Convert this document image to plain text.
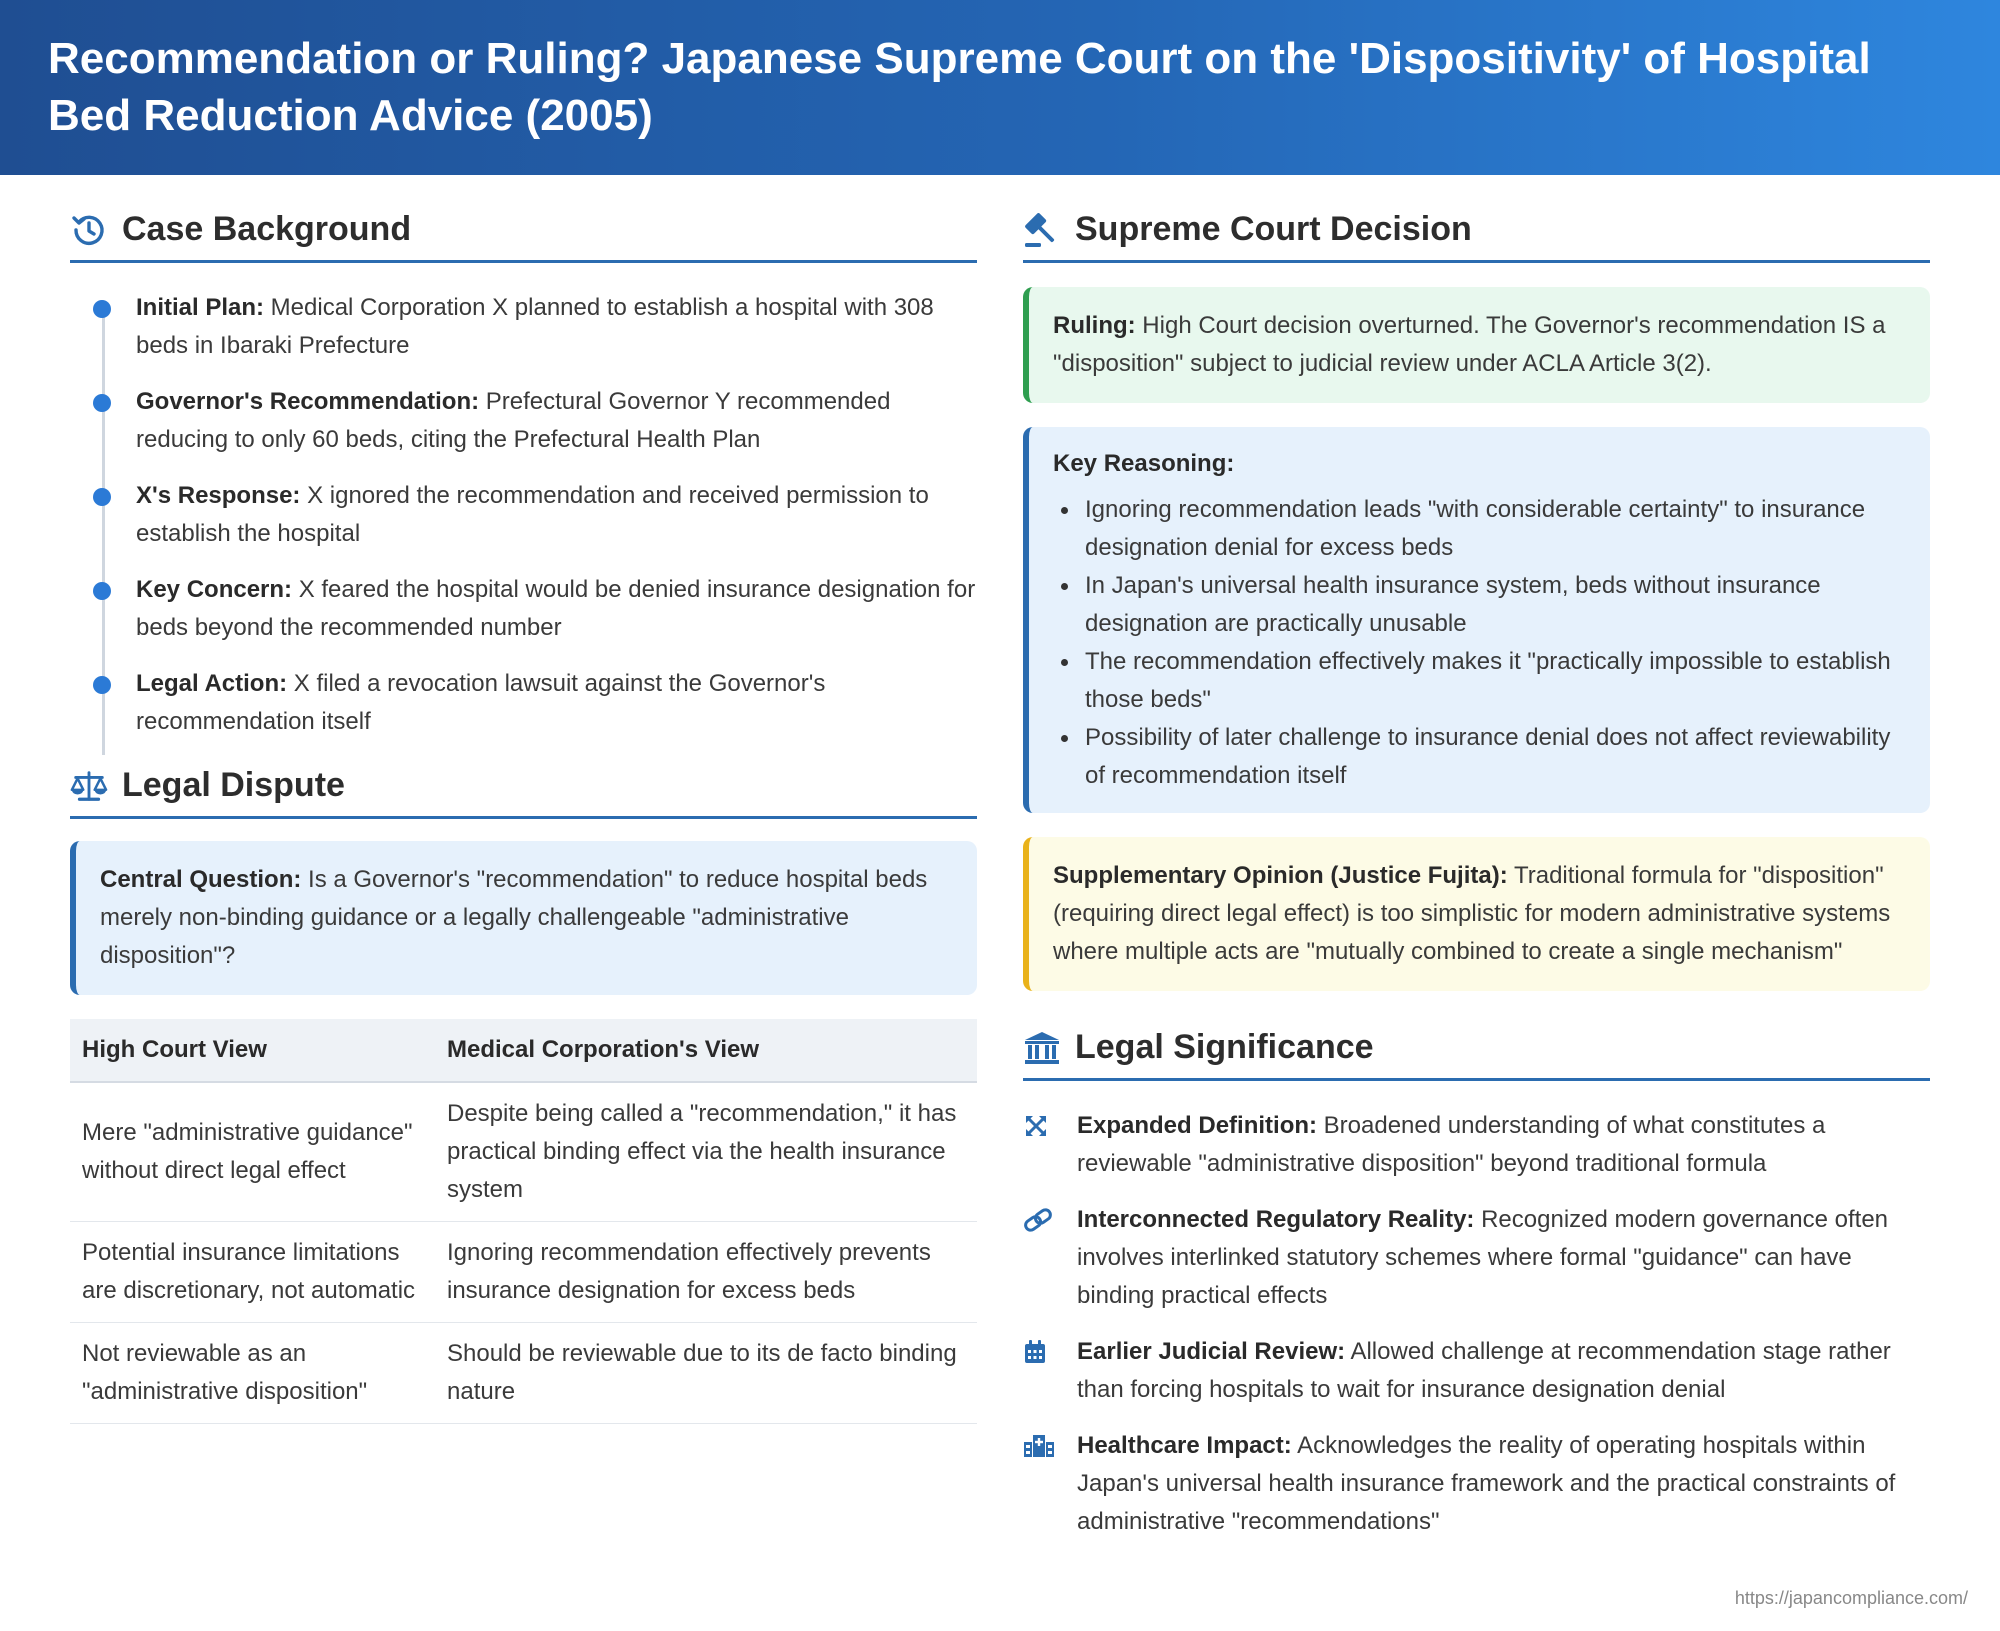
Recommendation or Ruling? Japanese Supreme Court on the 'Dispositivity' of Hospital Bed Reduction Advice (2005)
Case Background
Initial Plan: Medical Corporation X planned to establish a hospital with 308 beds in Ibaraki Prefecture
Governor's Recommendation: Prefectural Governor Y recommended reducing to only 60 beds, citing the Prefectural Health Plan
X's Response: X ignored the recommendation and received permission to establish the hospital
Key Concern: X feared the hospital would be denied insurance designation for beds beyond the recommended number
Legal Action: X filed a revocation lawsuit against the Governor's recommendation itself
Legal Dispute
Central Question: Is a Governor's "recommendation" to reduce hospital beds merely non-binding guidance or a legally challengeable "administrative disposition"?
High Court View	Medical Corporation's View
Mere "administrative guidance" without direct legal effect	Despite being called a "recommendation," it has practical binding effect via the health insurance system
Potential insurance limitations are discretionary, not automatic	Ignoring recommendation effectively prevents insurance designation for excess beds
Not reviewable as an "administrative disposition"	Should be reviewable due to its de facto binding nature
Supreme Court Decision
Ruling: High Court decision overturned. The Governor's recommendation IS a "disposition" subject to judicial review under ACLA Article 3(2).
Key Reasoning:
Ignoring recommendation leads "with considerable certainty" to insurance designation denial for excess beds
In Japan's universal health insurance system, beds without insurance designation are practically unusable
The recommendation effectively makes it "practically impossible to establish those beds"
Possibility of later challenge to insurance denial does not affect reviewability of recommendation itself
Supplementary Opinion (Justice Fujita): Traditional formula for "disposition" (requiring direct legal effect) is too simplistic for modern administrative systems where multiple acts are "mutually combined to create a single mechanism"
Legal Significance
Expanded Definition: Broadened understanding of what constitutes a reviewable "administrative disposition" beyond traditional formula
Interconnected Regulatory Reality: Recognized modern governance often involves interlinked statutory schemes where formal "guidance" can have binding practical effects
Earlier Judicial Review: Allowed challenge at recommendation stage rather than forcing hospitals to wait for insurance designation denial
Healthcare Impact: Acknowledges the reality of operating hospitals within Japan's universal health insurance framework and the practical constraints of administrative "recommendations"
https://japancompliance.com/
